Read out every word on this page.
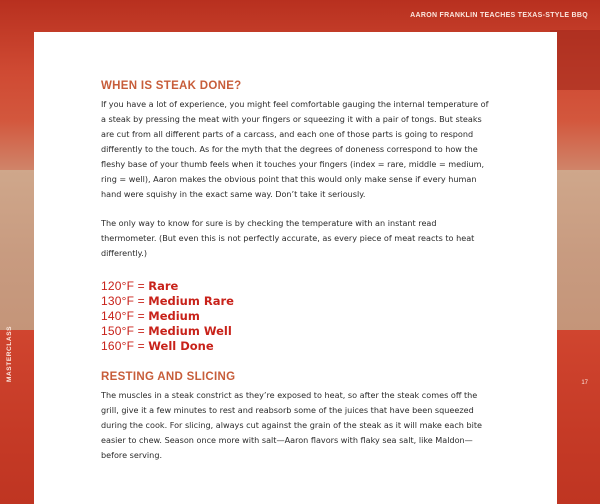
AARON FRANKLIN TEACHES TEXAS-STYLE BBQ
MASTERCLASS
17
WHEN IS STEAK DONE?

If you have a lot of experience, you might feel comfortable gauging the internal temperature of a steak by pressing the meat with your fingers or squeezing it with a pair of tongs. But steaks are cut from all different parts of a carcass, and each one of those parts is going to respond differently to the touch. As for the myth that the degrees of doneness correspond to how the fleshy base of your thumb feels when it touches your fingers (index = rare, middle = medium, ring = well), Aaron makes the obvious point that this would only make sense if every human hand were squishy in the exact same way. Don’t take it seriously.

The only way to know for sure is by checking the temperature with an instant read thermometer. (But even this is not perfectly accurate, as every piece of meat reacts to heat differently.)

120°F = Rare
130°F = Medium Rare
140°F = Medium
150°F = Medium Well
160°F = Well Done
RESTING AND SLICING

The muscles in a steak constrict as they’re exposed to heat, so after the steak comes off the grill, give it a few minutes to rest and reabsorb some of the juices that have been squeezed during the cook. For slicing, always cut against the grain of the steak as it will make each bite easier to chew. Season once more with salt—Aaron flavors with flaky sea salt, like Maldon—before serving.
